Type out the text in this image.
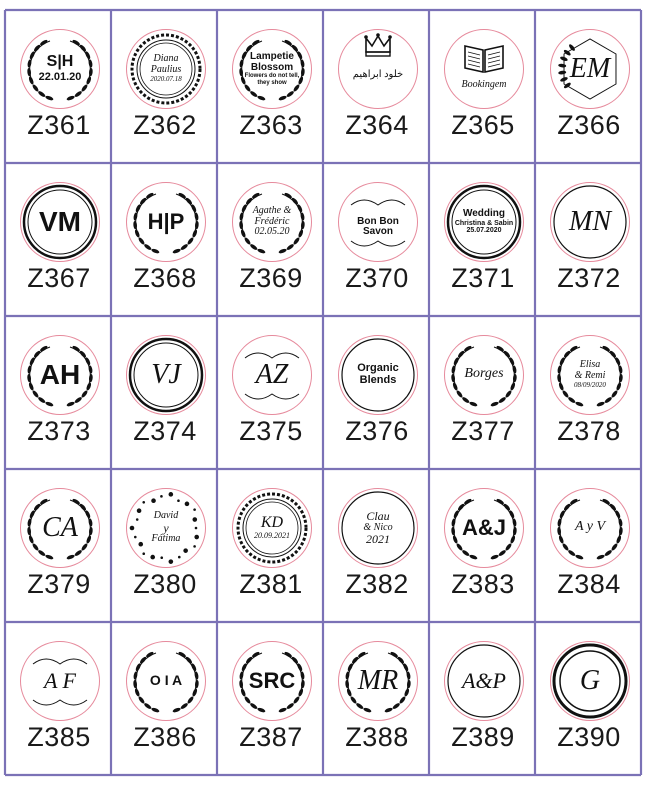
S|H
22.01.20
Z361
Diana
Paulius
2020.07.18
Z362
Lampetie
Blossom
Flowers do not tell,
they show
Z363
خلود ابراهيم
Z364
Bookingem
Z365
EM
Z366
VM
Z367
H|P
Z368
Agathe &
Frédéric
02.05.20
Z369
Bon Bon Savon
Z370
Wedding
Christina & Sabin
25.07.2020
Z371
MN
Z372
AH
Z373
VJ
Z374
AZ
Z375
Organic
Blends
Z376
Borges
Z377
Elisa
& Remi
08/09/2020
Z378
CA
Z379
David
y
Fátima
Z380
KD
20.09.2021
Z381
Clau
& Nico
2021
Z382
A&J
Z383
A y V
Z384
A F
Z385
O I A
Z386
SRC
Z387
MR
Z388
A&P
Z389
G
Z390
